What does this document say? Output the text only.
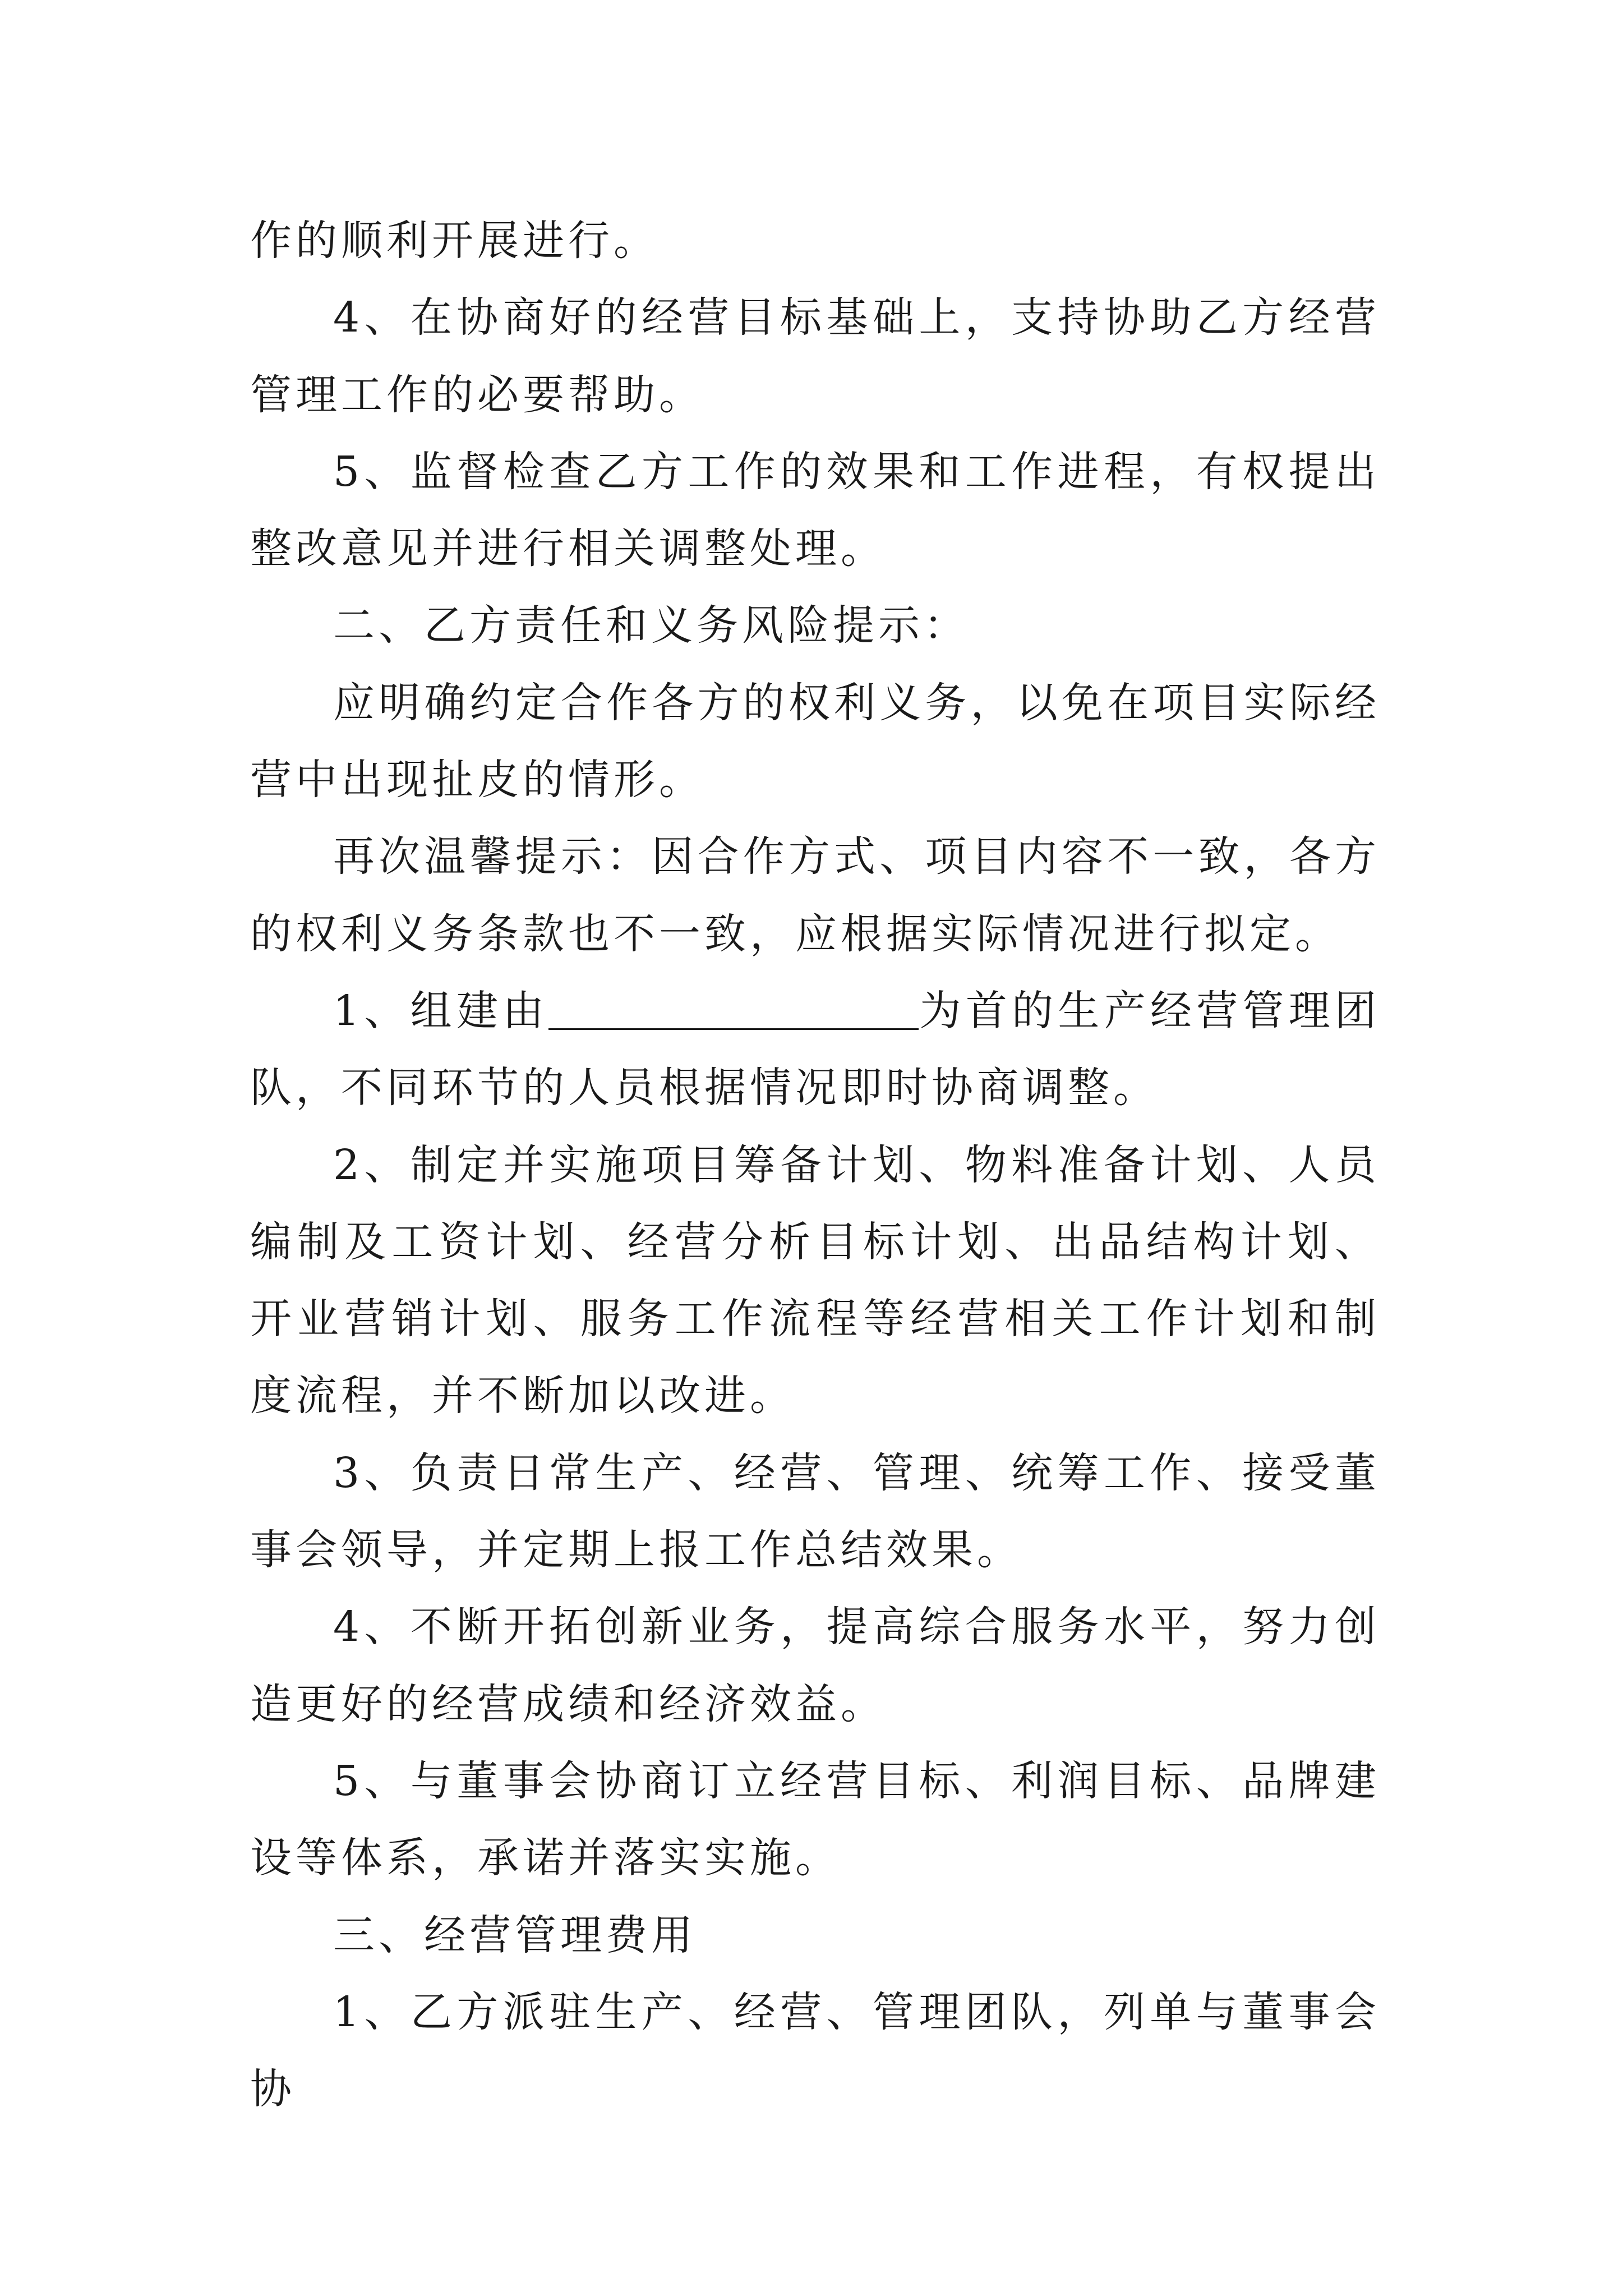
作的顺利开展进行。

4、在协商好的经营目标基础上，支持协助乙方经营管理工作的必要帮助。

5、监督检查乙方工作的效果和工作进程，有权提出整改意见并进行相关调整处理。

二、乙方责任和义务风险提示：

应明确约定合作各方的权利义务，以免在项目实际经营中出现扯皮的情形。

再次温馨提示：因合作方式、项目内容不一致，各方的权利义务条款也不一致，应根据实际情况进行拟定。

1、组建由	为首的生产经营管理团队，不同环节的人员根据情况即时协商调整。

2、制定并实施项目筹备计划、物料准备计划、人员编制及工资计划、经营分析目标计划、出品结构计划、开业营销计划、服务工作流程等经营相关工作计划和制度流程，并不断加以改进。

3、负责日常生产、经营、管理、统筹工作、接受董事会领导，并定期上报工作总结效果。

4、不断开拓创新业务，提高综合服务水平，努力创造更好的经营成绩和经济效益。

5、与董事会协商订立经营目标、利润目标、品牌建设等体系，承诺并落实实施。

三、经营管理费用

1、乙方派驻生产、经营、管理团队，列单与董事会协
